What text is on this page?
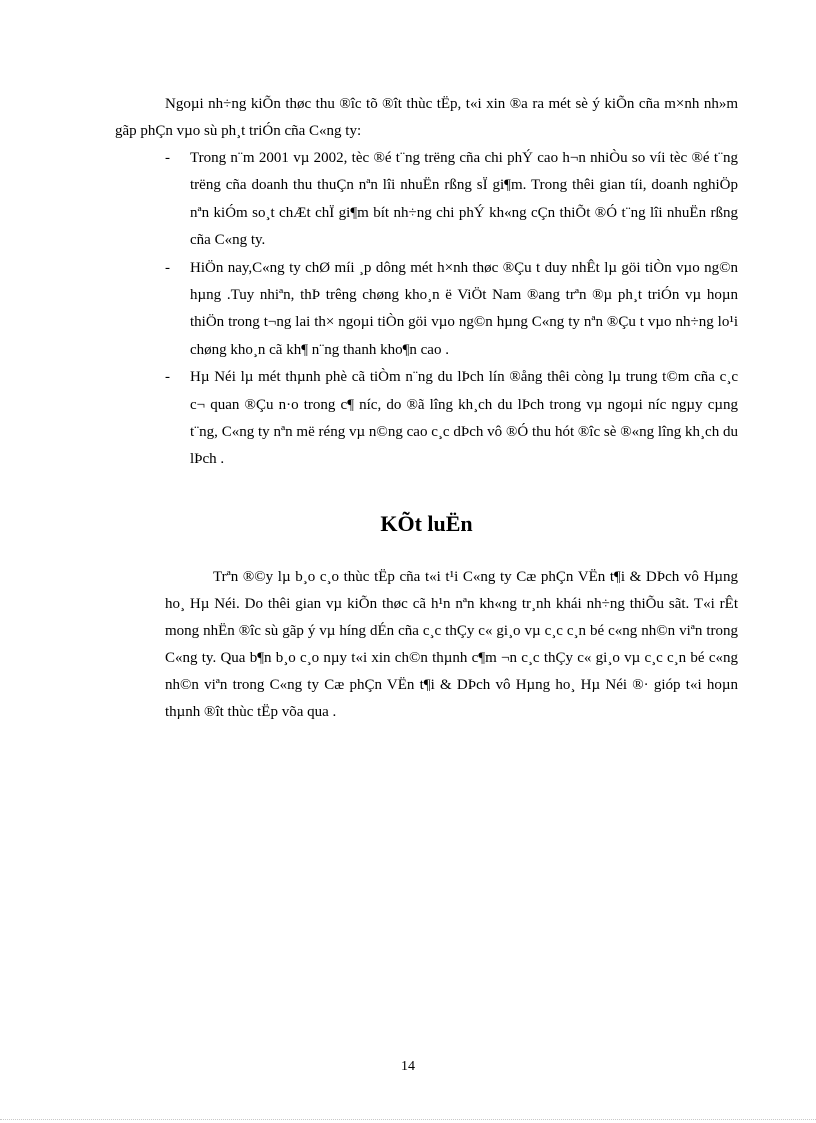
Ngoµi nh÷ng kiÕn thøc thu ®îc tõ ®ît thùc tËp, t«i xin ®a ra mét sè ý kiÕn cña m×nh nh»m gãp phÇn vµo sù ph¸t triÓn cña C«ng ty:

- Trong n¨m 2001 vµ 2002, tèc ®é t¨ng trëng cña chi phÝ cao h¬n nhiÒu so víi tèc ®é t¨ng trëng cña doanh thu thuÇn nªn lîi nhuËn rßng sÏ gi¶m. Trong thêi gian tíi, doanh nghiÖp nªn kiÓm so¸t chÆt chÏ gi¶m bít nh÷ng chi phÝ kh«ng cÇn thiÕt ®Ó t¨ng lîi nhuËn rßng cña C«ng ty.
- HiÖn nay,C«ng ty chØ míi ¸p dông mét h×nh thøc ®Çu t duy nhÊt lµ göi tiÒn vµo ng©n hµng .Tuy nhiªn, thÞ trêng chøng kho¸n ë ViÖt Nam ®ang trªn ®µ ph¸t triÓn vµ hoµn thiÖn trong t¬ng lai th× ngoµi tiÒn göi vµo ng©n hµng C«ng ty nªn ®Çu t vµo nh÷ng lo¹i chøng kho¸n cã kh¶ n¨ng thanh kho¶n cao .
- Hµ Néi lµ mét thµnh phè cã tiÒm n¨ng du lÞch lín ®ång thêi còng lµ trung t©m cña c¸c c¬ quan ®Çu n·o trong c¶ níc, do ®ã lîng kh¸ch du lÞch trong vµ ngoµi níc ngµy cµng t¨ng, C«ng ty nªn më réng vµ n©ng cao c¸c dÞch vô ®Ó thu hót ®îc sè ®«ng lîng kh¸ch du lÞch .
KÕt luËn

Trªn ®©y lµ b¸o c¸o thùc tËp cña t«i t¹i C«ng ty Cæ phÇn VËn t¶i & DÞch vô Hµng ho¸ Hµ Néi. Do thêi gian vµ kiÕn thøc cã h¹n nªn kh«ng tr¸nh khái nh÷ng thiÕu sãt. T«i rÊt mong nhËn ®îc sù gãp ý vµ híng dÉn cña c¸c thÇy c« gi¸o vµ c¸c c¸n bé c«ng nh©n viªn trong C«ng ty. Qua b¶n b¸o c¸o nµy t«i xin ch©n thµnh c¶m ¬n c¸c thÇy c« gi¸o vµ c¸c c¸n bé c«ng nh©n viªn trong C«ng ty Cæ phÇn VËn t¶i & DÞch vô Hµng ho¸ Hµ Néi ®· gióp t«i hoµn thµnh ®ît thùc tËp võa qua .

14
